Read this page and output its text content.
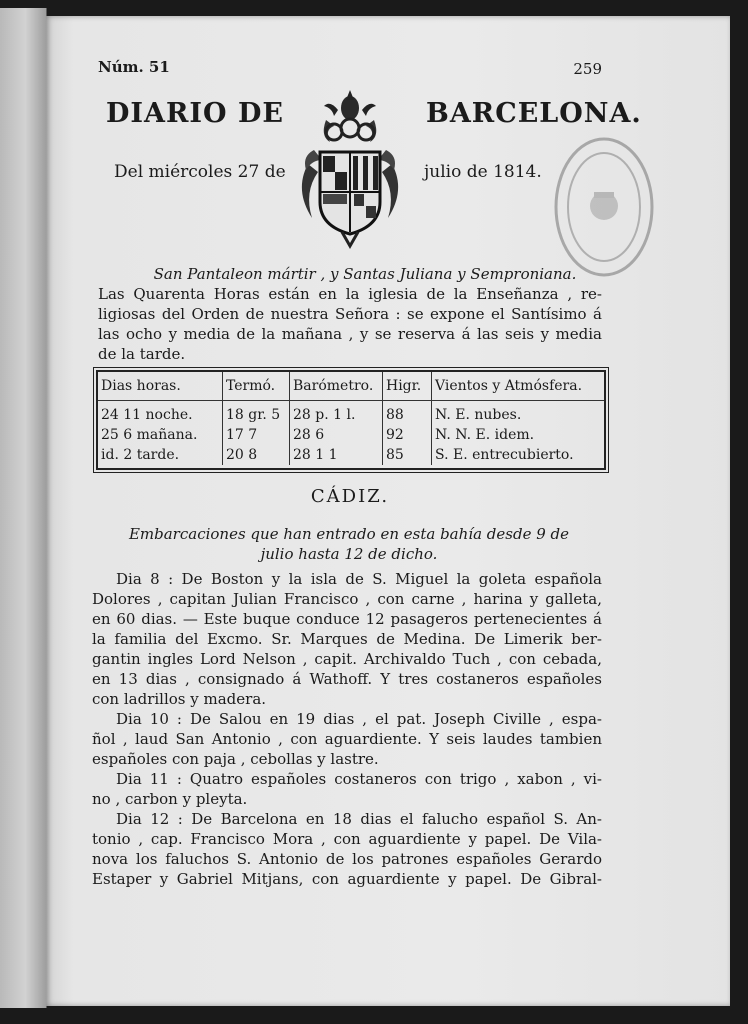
Núm. 51	259
DIARIO DE	BARCELONA.
Del miércoles 27 de	julio de 1814.
San Pantaleon mártir , y Santas Juliana y Semproniana.
Las Quarenta Horas están en la iglesia de la Enseñanza , re-
ligiosas del Orden de nuestra Señora : se expone el Santísimo á
las ocho y media de la mañana , y se reserva á las seis y media
de la tarde.
Dias horas.	Termó.	Barómetro.	Higr.	Vientos y Atmósfera.
24 11 noche.	18 gr. 5	28 p. 1 l.	88	N. E. nubes.
25 6 mañana.	17 7	28 6	92	N. N. E. idem.
id. 2 tarde.	20 8	28 1 1	85	S. E. entrecubierto.
CÁDIZ.
Embarcaciones que han entrado en esta bahía desde 9 de
julio hasta 12 de dicho.
Dia 8 : De Boston y la isla de S. Miguel la goleta española
Dolores , capitan Julian Francisco , con carne , harina y galleta,
en 60 dias. — Este buque conduce 12 pasageros pertenecientes á
la familia del Excmo. Sr. Marques de Medina. De Limerik ber-
gantin ingles Lord Nelson , capit. Archivaldo Tuch , con cebada,
en 13 dias , consignado á Wathoff. Y tres costaneros españoles
con ladrillos y madera.
Dia 10 : De Salou en 19 dias , el pat. Joseph Civille , espa-
ñol , laud San Antonio , con aguardiente. Y seis laudes tambien
españoles con paja , cebollas y lastre.
Dia 11 : Quatro españoles costaneros con trigo , xabon , vi-
no , carbon y pleyta.
Dia 12 : De Barcelona en 18 dias el falucho español S. An-
tonio , cap. Francisco Mora , con aguardiente y papel. De Vila-
nova los faluchos S. Antonio de los patrones españoles Gerardo
Estaper y Gabriel Mitjans, con aguardiente y papel. De Gibral-
